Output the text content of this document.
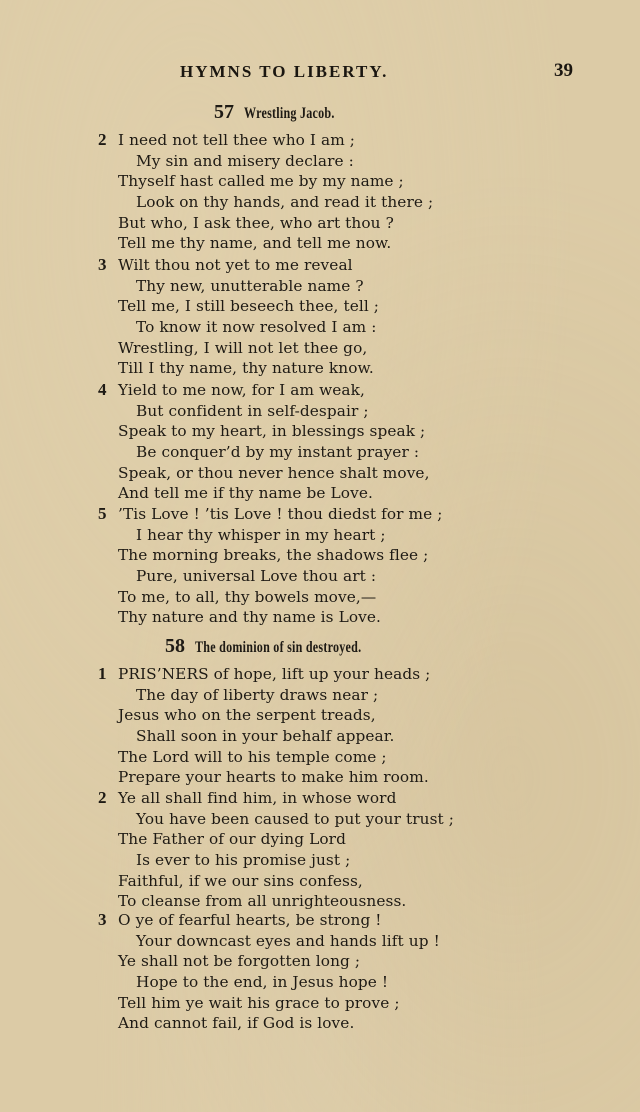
HYMNS TO LIBERTY.	39
57 Wrestling Jacob.
2 I need not tell thee who I am ;
My sin and misery declare :
Thyself hast called me by my name ;
Look on thy hands, and read it there ;
But who, I ask thee, who art thou ?
Tell me thy name, and tell me now.
3 Wilt thou not yet to me reveal
Thy new, unutterable name ?
Tell me, I still beseech thee, tell ;
To know it now resolved I am :
Wrestling, I will not let thee go,
Till I thy name, thy nature know.
4 Yield to me now, for I am weak,
But confident in self-despair ;
Speak to my heart, in blessings speak ;
Be conquer’d by my instant prayer :
Speak, or thou never hence shalt move,
And tell me if thy name be Love.
5 ’Tis Love ! ’tis Love ! thou diedst for me ;
I hear thy whisper in my heart ;
The morning breaks, the shadows flee ;
Pure, universal Love thou art :
To me, to all, thy bowels move,—
Thy nature and thy name is Love.
58 The dominion of sin destroyed.
1 PRIS’NERS of hope, lift up your heads ;
The day of liberty draws near ;
Jesus who on the serpent treads,
Shall soon in your behalf appear.
The Lord will to his temple come ;
Prepare your hearts to make him room.
2 Ye all shall find him, in whose word
You have been caused to put your trust ;
The Father of our dying Lord
Is ever to his promise just ;
Faithful, if we our sins confess,
To cleanse from all unrighteousness.
3 O ye of fearful hearts, be strong !
Your downcast eyes and hands lift up !
Ye shall not be forgotten long ;
Hope to the end, in Jesus hope !
Tell him ye wait his grace to prove ;
And cannot fail, if God is love.
